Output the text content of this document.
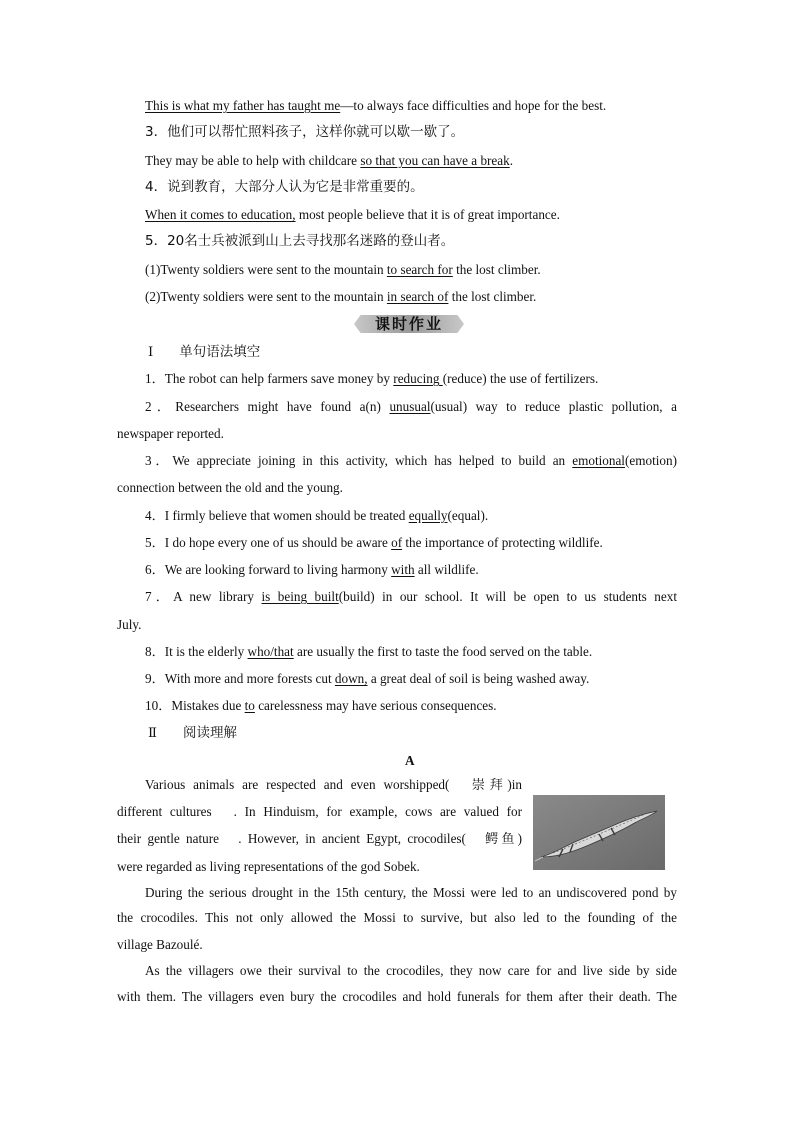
This is what my father has taught me—to always face difficulties and hope for the best.
3．他们可以帮忙照料孩子，这样你就可以歇一歇了。
They may be able to help with childcare so that you can have a break.
4．说到教育，大部分人认为它是非常重要的。
When it comes to education, most people believe that it is of great importance.
5．20名士兵被派到山上去寻找那名迷路的登山者。
(1)Twenty soldiers were sent to the mountain to search for the lost climber.
(2)Twenty soldiers were sent to the mountain in search of the lost climber.
课时作业
Ⅰ 单句语法填空
1．The robot can help farmers save money by reducing (reduce) the use of fertilizers.
2．Researchers might have found a(n) unusual(usual) way to reduce plastic pollution, a
newspaper reported.
3．We appreciate joining in this activity, which has helped to build an emotional(emotion)
connection between the old and the young.
4．I firmly believe that women should be treated equally(equal).
5．I do hope every one of us should be aware of the importance of protecting wildlife.
6．We are looking forward to living harmony with all wildlife.
7．A new library is being built(build) in our school. It will be open to us students next
July.
8．It is the elderly who/that are usually the first to taste the food served on the table.
9．With more and more forests cut down, a great deal of soil is being washed away.
10．Mistakes due to carelessness may have serious consequences.
Ⅱ 阅读理解
A
Various animals are respected and even worshipped(　崇拜)in
different cultures　. In Hinduism, for example, cows are valued for
their gentle nature　. However, in ancient Egypt, crocodiles(　鳄鱼)
were regarded as living representations of the god Sobek.
During the serious drought in the 15th century, the Mossi were led to an undiscovered pond by
the crocodiles. This not only allowed the Mossi to survive, but also led to the founding of the
village Bazoulé.
As the villagers owe their survival to the crocodiles, they now care for and live side by side
with them. The villagers even bury the crocodiles and hold funerals for them after their death. The
